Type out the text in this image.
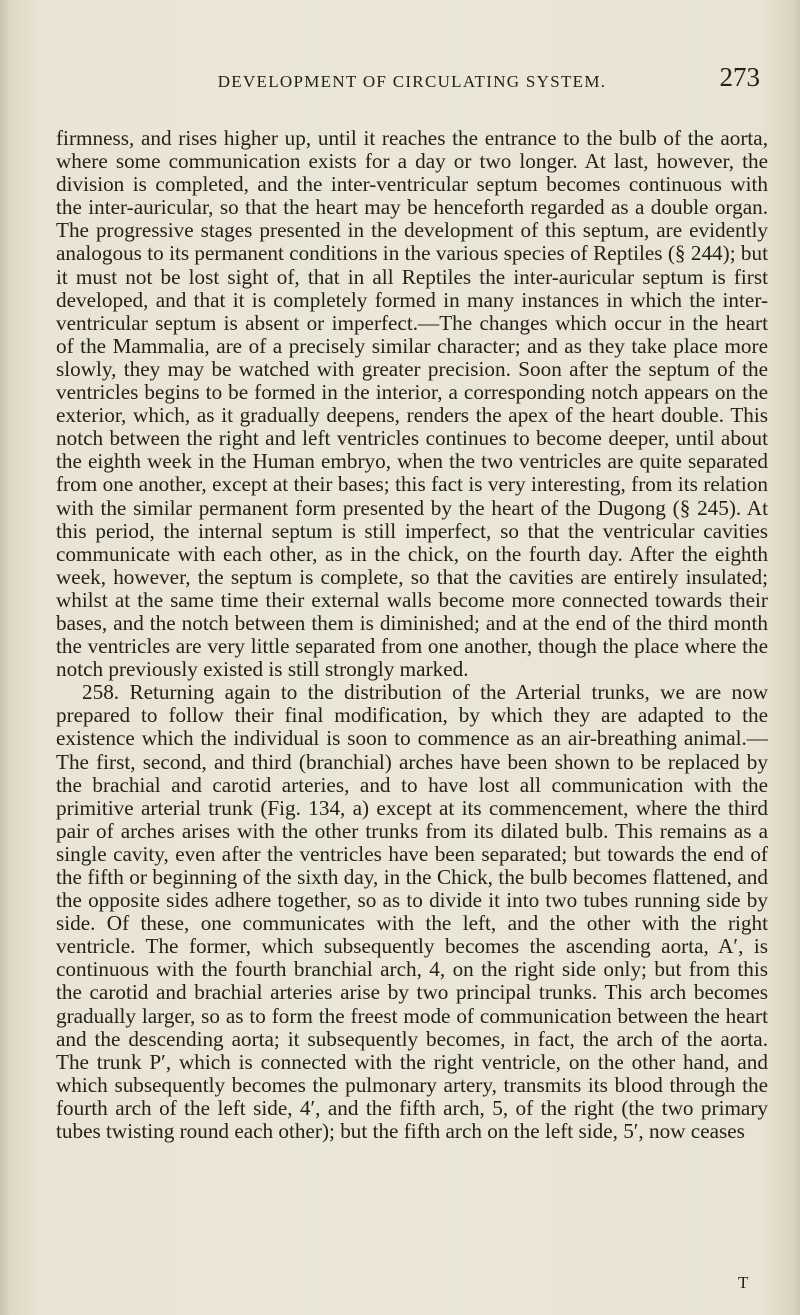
DEVELOPMENT OF CIRCULATING SYSTEM.	273

firmness, and rises higher up, until it reaches the entrance to the bulb of the aorta, where some communication exists for a day or two longer. At last, however, the division is completed, and the inter-ventricular septum becomes continuous with the inter-auricular, so that the heart may be henceforth regarded as a double organ. The progressive stages presented in the development of this septum, are evidently analogous to its permanent conditions in the various species of Reptiles (§ 244); but it must not be lost sight of, that in all Reptiles the inter-auricular septum is first developed, and that it is completely formed in many instances in which the inter-ventricular septum is absent or imperfect.—The changes which occur in the heart of the Mammalia, are of a precisely similar character; and as they take place more slowly, they may be watched with greater precision. Soon after the septum of the ventricles begins to be formed in the interior, a corresponding notch appears on the exterior, which, as it gradually deepens, renders the apex of the heart double. This notch between the right and left ventricles continues to become deeper, until about the eighth week in the Human embryo, when the two ventricles are quite separated from one another, except at their bases; this fact is very interesting, from its relation with the similar permanent form presented by the heart of the Dugong (§ 245). At this period, the internal septum is still imperfect, so that the ventricular cavities communicate with each other, as in the chick, on the fourth day. After the eighth week, however, the septum is complete, so that the cavities are entirely insulated; whilst at the same time their external walls become more connected towards their bases, and the notch between them is diminished; and at the end of the third month the ventricles are very little separated from one another, though the place where the notch previously existed is still strongly marked.

258. Returning again to the distribution of the Arterial trunks, we are now prepared to follow their final modification, by which they are adapted to the existence which the individual is soon to commence as an air-breathing animal.—The first, second, and third (branchial) arches have been shown to be replaced by the brachial and carotid arteries, and to have lost all communication with the primitive arterial trunk (Fig. 134, a) except at its commencement, where the third pair of arches arises with the other trunks from its dilated bulb. This remains as a single cavity, even after the ventricles have been separated; but towards the end of the fifth or beginning of the sixth day, in the Chick, the bulb becomes flattened, and the opposite sides adhere together, so as to divide it into two tubes running side by side. Of these, one communicates with the left, and the other with the right ventricle. The former, which subsequently becomes the ascending aorta, A′, is continuous with the fourth branchial arch, 4, on the right side only; but from this the carotid and brachial arteries arise by two principal trunks. This arch becomes gradually larger, so as to form the freest mode of communication between the heart and the descending aorta; it subsequently becomes, in fact, the arch of the aorta. The trunk P′, which is connected with the right ventricle, on the other hand, and which subsequently becomes the pulmonary artery, transmits its blood through the fourth arch of the left side, 4′, and the fifth arch, 5, of the right (the two primary tubes twisting round each other); but the fifth arch on the left side, 5′, now ceases

T
